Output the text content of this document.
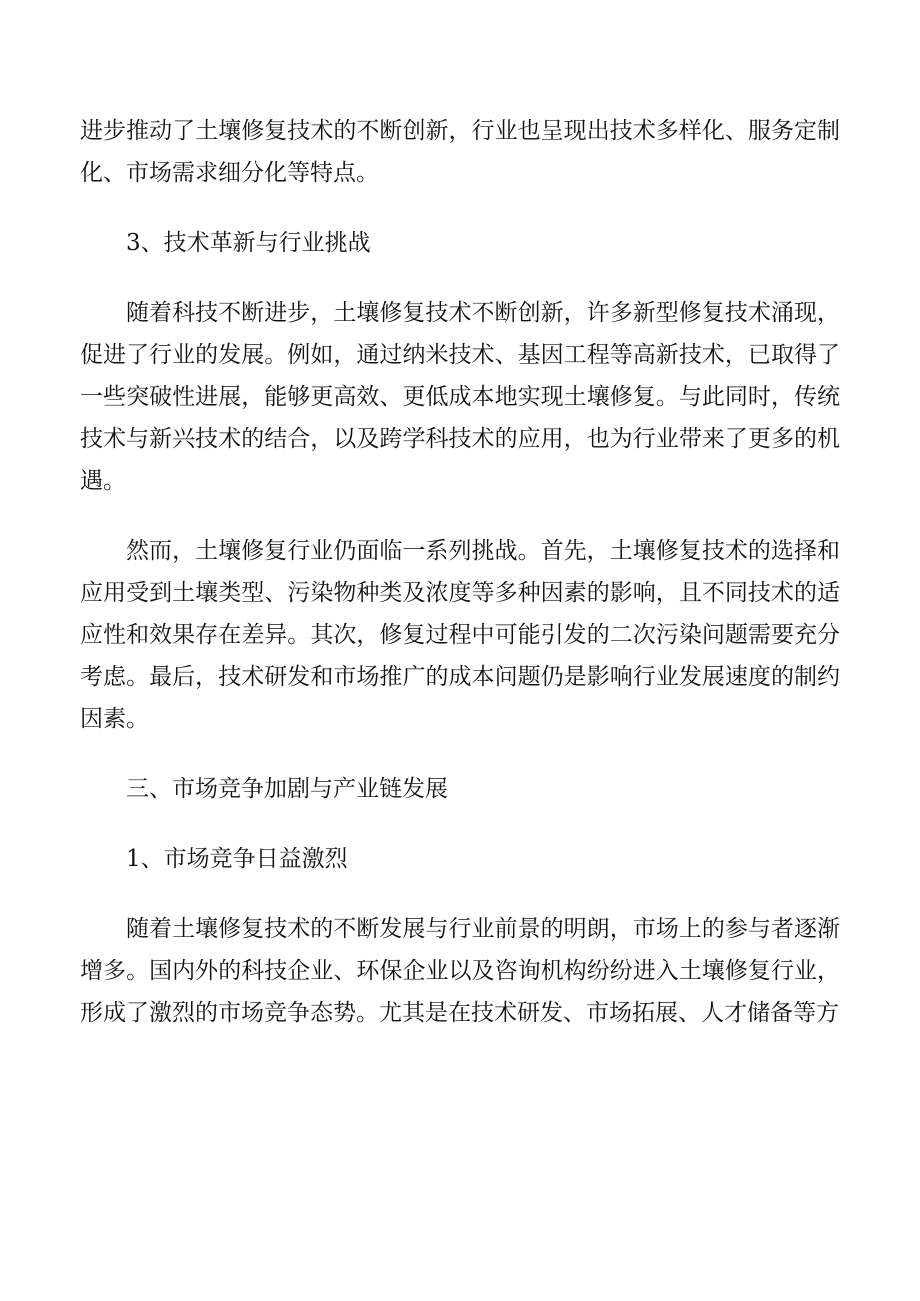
进步推动了土壤修复技术的不断创新，行业也呈现出技术多样化、服务定制化、市场需求细分化等特点。

3、技术革新与行业挑战

随着科技不断进步，土壤修复技术不断创新，许多新型修复技术涌现，促进了行业的发展。例如，通过纳米技术、基因工程等高新技术，已取得了一些突破性进展，能够更高效、更低成本地实现土壤修复。与此同时，传统技术与新兴技术的结合，以及跨学科技术的应用，也为行业带来了更多的机遇。

然而，土壤修复行业仍面临一系列挑战。首先，土壤修复技术的选择和应用受到土壤类型、污染物种类及浓度等多种因素的影响，且不同技术的适应性和效果存在差异。其次，修复过程中可能引发的二次污染问题需要充分考虑。最后，技术研发和市场推广的成本问题仍是影响行业发展速度的制约因素。

三、市场竞争加剧与产业链发展

1、市场竞争日益激烈

随着土壤修复技术的不断发展与行业前景的明朗，市场上的参与者逐渐增多。国内外的科技企业、环保企业以及咨询机构纷纷进入土壤修复行业，形成了激烈的市场竞争态势。尤其是在技术研发、市场拓展、人才储备等方
